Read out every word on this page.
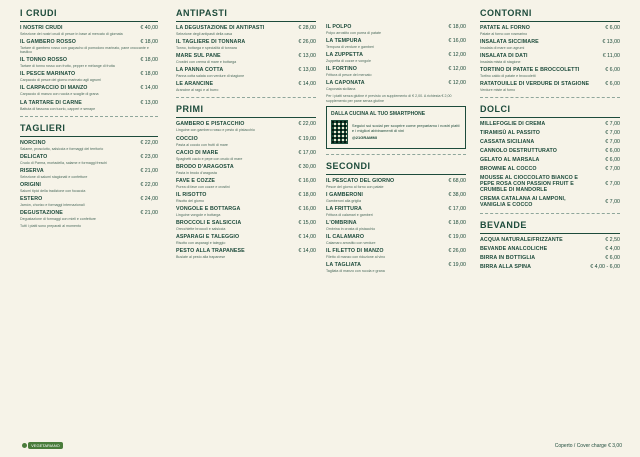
I CRUDI
I NOSTRI CRUDI	€ 40,00
Selezione dei nostri crudi di pesce in base al mercato di giornata
IL GAMBERO ROSSO	€ 18,00
Tartare di gambero rosso con gazpacho di pomodoro marinato, pane croccante e basilico
IL TONNO ROSSO	€ 18,00
Tartare di tonno rosso con frutto, pepper e mélange di frutta
IL PESCE MARINATO	€ 18,00
Carpaccio di pesce del giorno marinato agli agrumi
IL CARPACCIO DI MANZO	€ 14,00
Carpaccio di manzo con rucola e scaglie di grana
LA TARTARE DI CARNE	€ 13,00
Battuta di fassona con tuorlo, capperi e senape
TAGLIERI
NORCINO	€ 22,00
Salame, prosciutto, salsiccia e formaggi del territorio
DELICATO	€ 23,00
Crudo di Parma, mortadella, salame e formaggi freschi
RISERVA	€ 21,00
Selezione di salumi stagionati e confetture
ORIGINI	€ 22,00
Salumi tipici della tradizione con focaccia
ESTERO	€ 24,00
Jamón, chorizo e formaggi internazionali
DEGUSTAZIONE	€ 21,00
Degustazione di formaggi con mieli e confetture
Tutti i piatti sono preparati al momento
ANTIPASTI
LA DEGUSTAZIONE DI ANTIPASTI	€ 28,00
Selezione degli antipasti della casa
IL TAGLIERE DI TONNARA	€ 26,00
Tonno, bottarga e specialità di tonnara
MARE SUL PANE	€ 13,00
Crostini con crema di mare e bottarga
LA PANNA COTTA	€ 13,00
Panna cotta salata con verdure di stagione
LE ARANCINE	€ 14,00
Arancine al ragù e al burro
PRIMI
GAMBERO E PISTACCHIO	€ 22,00
Linguine con gambero rosso e pesto di pistacchio
COCCIO	€ 19,00
Pasta al coccio con frutti di mare
CACIO DI MARE	€ 17,00
Spaghetti cacio e pepe con crudo di mare
BRODO D'ARAGOSTA	€ 30,00
Pasta in brodo d'aragosta
FAVE E COZZE	€ 16,00
Purea di fave con cozze e crostini
IL RISOTTO	€ 18,00
Risotto del giorno
VONGOLE E BOTTARGA	€ 16,00
Linguine vongole e bottarga
BROCCOLI E SALSICCIA	€ 15,00
Orecchiette broccoli e salsiccia
ASPARAGI E TALEGGIO	€ 14,00
Risotto con asparagi e taleggio
PESTO ALLA TRAPANESE	€ 14,00
Busiate al pesto alla trapanese
IL POLPO	€ 18,00
Polpo arrostito con purea di patate
LA TEMPURA	€ 16,00
Tempura di verdure e gamberi
LA ZUPPETTA	€ 12,00
Zuppetta di cozze e vongole
IL FORTINO	€ 12,00
Frittura di pesce del mercato
LA CAPONATA	€ 12,00
Caponata siciliana
Per i piatti senza glutine è previsto un supplemento di € 2,00. A richiesta € 2,00 supplemento per pane senza glutine
DALLA CUCINA AL TUO SMARTPHONE
Seguici sui social per scoprire come prepariamo i nostri piatti e i migliori abbinamenti di vini
@21GRAMMI
SECONDI
IL PESCATO DEL GIORNO	€ 68,00
Pesce del giorno al forno con patate
I GAMBERONI	€ 38,00
Gamberoni alla griglia
LA FRITTURA	€ 17,00
Frittura di calamari e gamberi
L'OMBRINA	€ 18,00
Ombrina in crosta di pistacchio
IL CALAMARO	€ 19,00
Calamaro arrostito con verdure
IL FILETTO DI MANZO	€ 26,00
Filetto di manzo con riduzione al vino
LA TAGLIATA	€ 19,00
Tagliata di manzo con rucola e grana
CONTORNI
PATATE AL FORNO	€ 6,00
Patate al forno con rosmarino
INSALATA SICCIMARE	€ 13,00
Insalata di mare con agrumi
INSALATA DI DATI	€ 11,00
Insalata mista di stagione
TORTINO DI PATATE E BROCCOLETTI	€ 6,00
Tortino caldo di patate e broccoletti
RATATOUILLE DI VERDURE DI STAGIONE	€ 6,00
Verdure miste al forno
DOLCI
MILLEFOGLIE DI CREMA	€ 7,00
TIRAMISÙ AL PASSITO	€ 7,00
CASSATA SICILIANA	€ 7,00
CANNOLO DESTRUTTURATO	€ 6,00
GELATO AL MARSALA	€ 6,00
BROWNIE AL COCCO	€ 7,00
MOUSSE AL CIOCCOLATO BIANCO E PEPE ROSA CON PASSION FRUIT E CRUMBLE DI MANDORLE
€ 7,00
CREMA CATALANA AI LAMPONI, VANIGLIA E COCCO	€ 7,00
BEVANDE
ACQUA NATURALE/FRIZZANTE	€ 2,50
BEVANDE ANALCOLICHE	€ 4,00
BIRRA IN BOTTIGLIA	€ 6,00
BIRRA ALLA SPINA	€ 4,00 - 6,00
VEGETARIANO	Coperto / Cover charge € 3,00
